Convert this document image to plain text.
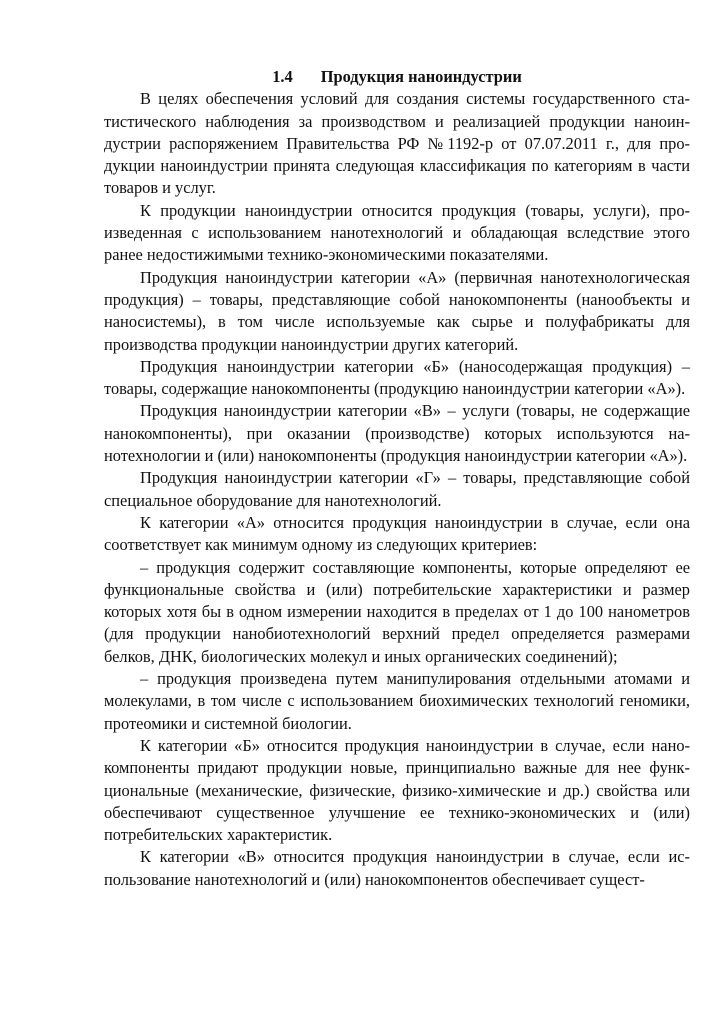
1.4 Продукция наноиндустрии

В целях обеспечения условий для создания системы государственного статистического наблюдения за производством и реализацией продукции наноиндустрии распоряжением Правительства РФ №1192-р от 07.07.2011 г., для продукции наноиндустрии принята следующая классификация по категориям в части товаров и услуг.

К продукции наноиндустрии относится продукция (товары, услуги), произведенная с использованием нанотехнологий и обладающая вследствие этого ранее недостижимыми технико-экономическими показателями.

Продукция наноиндустрии категории «А» (первичная нанотехнологическая продукция) – товары, представляющие собой нанокомпоненты (нанообъекты и наносистемы), в том числе используемые как сырье и полуфабрикаты для производства продукции наноиндустрии других категорий.

Продукция наноиндустрии категории «Б» (наносодержащая продукция) – товары, содержащие нанокомпоненты (продукцию наноиндустрии категории «А»).

Продукция наноиндустрии категории «В» – услуги (товары, не содержащие нанокомпоненты), при оказании (производстве) которых используются нанотехнологии и (или) нанокомпоненты (продукция наноиндустрии категории «А»).

Продукция наноиндустрии категории «Г» – товары, представляющие собой специальное оборудование для нанотехнологий.

К категории «А» относится продукция наноиндустрии в случае, если она соответствует как минимум одному из следующих критериев:

– продукция содержит составляющие компоненты, которые определяют ее функциональные свойства и (или) потребительские характеристики и размер которых хотя бы в одном измерении находится в пределах от 1 до 100 нанометров (для продукции нанобиотехнологий верхний предел определяется размерами белков, ДНК, биологических молекул и иных органических соединений);

– продукция произведена путем манипулирования отдельными атомами и молекулами, в том числе с использованием биохимических технологий геномики, протеомики и системной биологии.

К категории «Б» относится продукция наноиндустрии в случае, если нанокомпоненты придают продукции новые, принципиально важные для нее функциональные (механические, физические, физико-химические и др.) свойства или обеспечивают существенное улучшение ее технико-экономических и (или) потребительских характеристик.

К категории «В» относится продукция наноиндустрии в случае, если использование нанотехнологий и (или) нанокомпонентов обеспечивает сущест-
